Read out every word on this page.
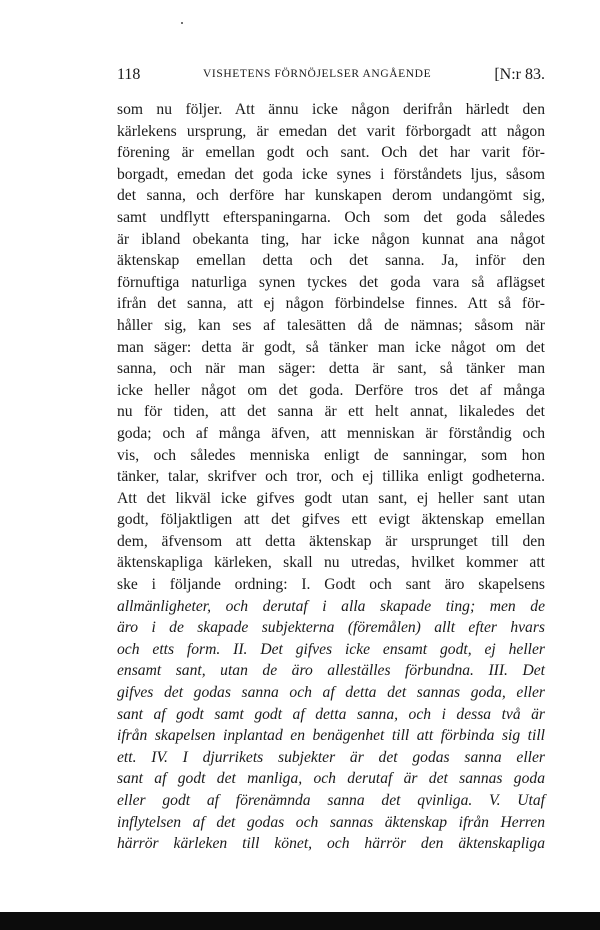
118	VISHETENS FÖRNÖJELSER ANGÅENDE	[N:r 83.
som nu följer. Att ännu icke någon derifrån härledt den
kärlekens ursprung, är emedan det varit förborgadt att någon
förening är emellan godt och sant. Och det har varit för-
borgadt, emedan det goda icke synes i förståndets ljus, såsom
det sanna, och derföre har kunskapen derom undangömt sig,
samt undflytt efterspaningarna. Och som det goda således
är ibland obekanta ting, har icke någon kunnat ana något
äktenskap emellan detta och det sanna. Ja, inför den
förnuftiga naturliga synen tyckes det goda vara så aflägset
ifrån det sanna, att ej någon förbindelse finnes. Att så för-
håller sig, kan ses af talesätten då de nämnas; såsom när
man säger: detta är godt, så tänker man icke något om det
sanna, och när man säger: detta är sant, så tänker man
icke heller något om det goda. Derföre tros det af många
nu för tiden, att det sanna är ett helt annat, likaledes det
goda; och af många äfven, att menniskan är förståndig och
vis, och således menniska enligt de sanningar, som hon
tänker, talar, skrifver och tror, och ej tillika enligt godheterna.
Att det likväl icke gifves godt utan sant, ej heller sant utan
godt, följaktligen att det gifves ett evigt äktenskap emellan
dem, äfvensom att detta äktenskap är ursprunget till den
äktenskapliga kärleken, skall nu utredas, hvilket kommer att
ske i följande ordning: I. Godt och sant äro skapelsens
allmänligheter, och derutaf i alla skapade ting; men de
äro i de skapade subjekterna (föremålen) allt efter hvars
och etts form. II. Det gifves icke ensamt godt, ej heller
ensamt sant, utan de äro alleställes förbundna. III. Det
gifves det godas sanna och af detta det sannas goda, eller
sant af godt samt godt af detta sanna, och i dessa två är
ifrån skapelsen inplantad en benägenhet till att förbinda sig till
ett. IV. I djurrikets subjekter är det godas sanna eller
sant af godt det manliga, och derutaf är det sannas goda
eller godt af förenämnda sanna det qvinliga. V. Utaf
inflytelsen af det godas och sannas äktenskap ifrån Herren
härrör kärleken till könet, och härrör den äktenskapliga
